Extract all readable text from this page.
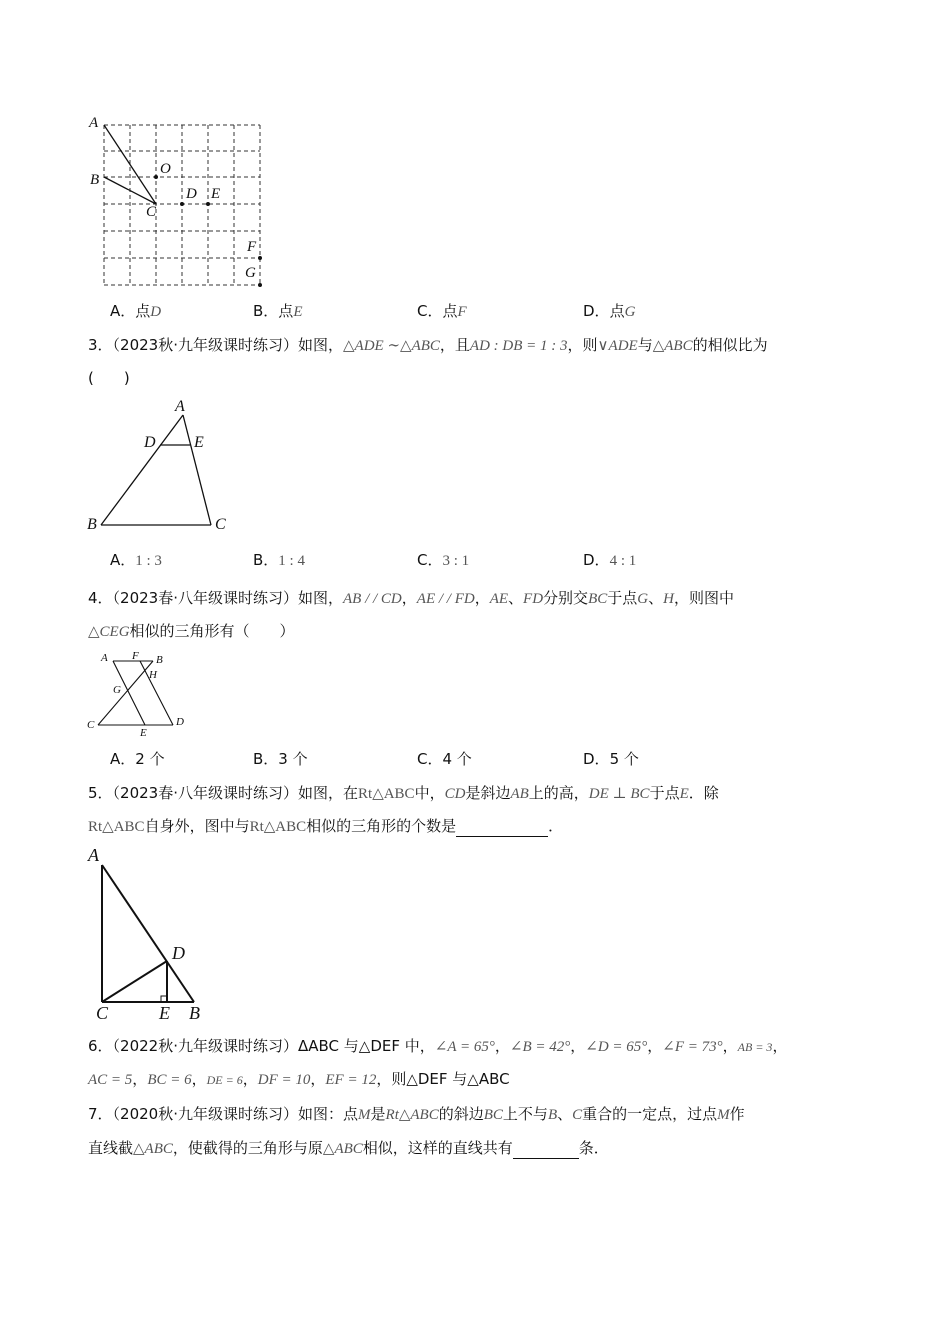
A
B
O
C
D E
F
G
A．点D	B．点E	C．点F	D．点G
3．（2023秋·九年级课时练习）如图，△ADE ∼△ABC，且AD : DB = 1 : 3，则∨ADE与△ABC的相似比为
(　　)
A
D E
B	C
A．1 : 3	B．1 : 4	C．3 : 1	D．4 : 1
4．（2023春·八年级课时练习）如图，AB / / CD，AE / / FD，AE、FD分别交BC于点G、H，则图中
△CEG相似的三角形有（　　）
A F B
H
G
C
E
D
A．2 个	B．3 个	C．4 个	D．5 个
5．（2023春·八年级课时练习）如图，在Rt△ABC中，CD是斜边AB上的高，DE ⊥ BC于点E．除
Rt△ABC自身外，图中与Rt△ABC相似的三角形的个数是	．
A
D
C	E B
6．（2022秋·九年级课时练习）ΔABC 与△DEF 中，∠A = 65°，∠B = 42°，∠D = 65°，∠F = 73°，AB = 3，
AC = 5，BC = 6，DE = 6，DF = 10，EF = 12，则△DEF 与△ABC
7．（2020秋·九年级课时练习）如图：点M是Rt△ABC的斜边BC上不与B、C重合的一定点，过点M作
直线截△ABC，使截得的三角形与原△ABC相似，这样的直线共有	条．
